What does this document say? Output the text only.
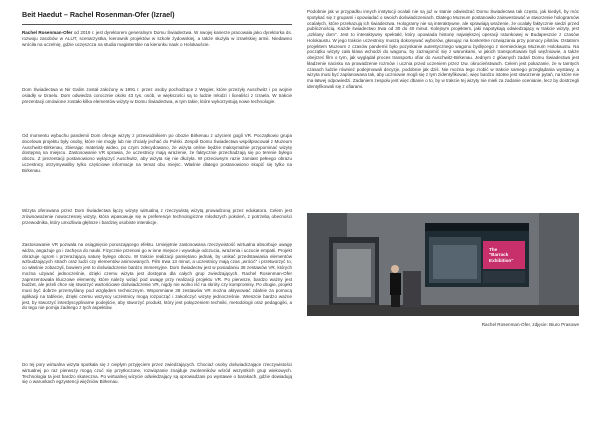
Beit Haedut – Rachel Rosenman-Ofer (Izrael)

Rachel Rosenman-Ofer od 2019 r. jest dyrektorem generalnym Domu Świadectwa. W swojej karierze pracowała jako dyrektorka ds. rozwoju zasobów w ALUT, scenarzystka, kierownik projektów w szkole żydowskiej, a także służyła w izraelskiej armii. Niedawno wróciła na uczelnię, gdzie uczęszcza na studia magisterskie na kierunku nauk o Holokauście.

Dom Świadectwa w Nir Galim został założony w 1991 r. przez osoby pochodzące z Węgier, które przeżyły Auschwitz i po wojnie osiadły w Izraelu. Dom odwiedza corocznie około 43 tys. osób, w większości są to ludzie młodzi i licealiści z Izraela. W trakcie prezentacji omówione zostało kilka elementów wizyty w Domu Świadectwa, w tym takie, które wykorzystują nowe technologie.

Od momentu wybuchu pandemii Dom oferuje wizyty z przewodnikiem po obozie Birkenau z użyciem gogli VR. Początkowo grupa docelowa projektu były osoby, które nie mogły lub nie chciały jechać do Polski. Zespół Domu Świadectwa współpracował z Muzeum Auschwitz-Birkenau, zbierając materiały wideo, po czym zdecydowano, że wizyta online będzie maksymalnie przypominać wizytę dostępną na miejscu. Zastosowanie VR sprawia, że uczestnicy mają wrażenie, że faktycznie przechadzają się po terenie byłego obozu. Z prezentacji postanowiono wyłączyć Auschwitz, aby wizyta się nie dłużyła. W przeciwnym razie zamiast pełnego obrazu uczestnicy otrzymywaliby tylko częściowe informacje na temat obu miejsc. Właśnie dlatego postanowiono skupić się tylko na Birkenau.

Wizyta oferowana przez Dom Świadectwa łączy wizytę wirtualną z rzeczywistą wizytą prowadzoną przez edukatora. Celem jest zrównoważenie nowoczesnej wizyty, która wpasowuje się w preferencje technologiczne młodszych pokoleń, z potrzebą obecności przewodnika, który umożliwia głębsze i bardziej osobiste interakcje.

Zastosowanie VR pozwala na osiągnięcie poruszającego efektu. Umiejętnie zastosowana rzeczywistość wirtualna absorbuje uwagę widza, angażuje go i zachęca do nauki. Fizycznie przenosi go w inne miejsce i wywołuje odczucia, wrażenia i uczucie empatii. Projekt obrazuje ogrom i przerażającą naturę byłego obozu. W trakcie realizacji pamiętano jednak, by unikać przedstawiania elementów wzbudzających strach oraz ludzi czy elementów animowanych. Film trwa 13 minut, a uczestnicy mają czas „wrócić” i przetworzyć to, co właśnie zobaczyli, bowiem jest to doświadczenie bardzo immersyjne. Dom Świadectw jest w posiadaniu 38 zestawów VR, których można używać jednocześnie, dzięki czemu wizyta jest dostępna dla całych grup zwiedzających. Rachel Rosenman-Ofer zaprezentowała kluczowe elementy, które należy wziąć pod uwagę przy realizacji projektu VR. Po pierwsze, bardzo ważny jest budżet, ale jeżeli chce się stworzyć wartościowe doświadczenie VR, nigdy nie wolno iść na skróty czy kompromisy. Po drugie, projekt musi być dobrze przemyślany pod względem technicznym. Wspomniane 38 zestawów VR można aktywować zdalnie za pomocą aplikacji na tablecie, dzięki czemu wszyscy uczestnicy mogą rozpocząć i zakończyć wizytę jednocześnie. Wreszcie bardzo ważne jest, by stworzyć interdyscyplinarne podejście, aby stworzyć produkt, który jest połączeniem techniki, metodologii oraz pedagogiki, a do tego nie pomija żadnego z tych aspektów.

Do tej pory wirtualna wizyta spotkała się z ciepłym przyjęciem przez zwiedzających. Chociaż osoby doświadczające rzeczywistości wirtualnej po raz pierwszy mogą czuć się przytłoczone, rozwiązanie znajduje zwolenników wśród wszystkich grup wiekowych. Technologia ta jest bardzo skuteczna. Po wirtualnej wizycie odwiedzający są oprowadzani po wystawie o barakach, gdzie dowiadują się o warunkach egzystencji więźniów Birkenau.

Podobnie jak w przypadku innych instytucji ocalali nie są już w stanie odwiedzać Domu Świadectwa tak często, jak kiedyś, by móc spotykać się z grupami i opowiadać o swoich doświadczeniach. Dlatego Muzeum postanowiło zainwestować w stworzenie hologramów ocalałych, które przekazują ich świadectwa. Hologramy nie są interaktywne, ale sprawiają wrażenie, że ocalały faktycznie siedzi przed publicznością. Każde świadectwo trwa od 30 do 40 minut. Kolejnym projektem, jaki napotykają odwiedzający w trakcie wizyty, jest „szklany dom”. Jest to interaktywny spektakl, który opowiada historię największej operacji ratunkowej w Budapeszcie z czasów Holokaustu. W jego trakcie uczestnicy muszą dokonywać wyborów, głosując na konkretne rozwiązania przy pomocy pilotów. Ostatnim projektem Muzeum z czasów pandemii było pozyskanie autentycznego wagonu bydlęcego z niemieckiego Muzeum Holokaustu. Na początku wizyty cała klasa wchodzi do wagonu, by zaznajomić się z warunkami, w jakich transportowani byli więźniowie, a także obejrzeć film o tym, jak wyglądał proces transportu ofiar do Auschwitz-Birkenau. Jednym z głównych zadań Domu Świadectwa jest kładzenie nacisku na prowadzenie rozmów i ucznia przed uczeniem przez tzw. okrucieństwach. Celem jest pokazanie, że w tamtych czasach ludzie również podejmowali decyzje, podobnie jak dziś. Nie można tego zrobić w trakcie samego przeglądania wystawy, a wizyta musi być zaplanowana tak, aby uczniowie mogli się z tym zidentyfikować, więc bardzo istotne jest stworzenie pytań, na które nie ma łatwej odpowiedzi. Zadaniem zespołu jest więc dbanie o to, by w trakcie tej wizyty nie mieli za zadanie ocenianie, lecz by dostrzegli identyfikowali się z ofiarami.

The
"Barrack Exhibition"
Rachel Rosenman-Ofer, zdjęcie: Biuro Prasowe
